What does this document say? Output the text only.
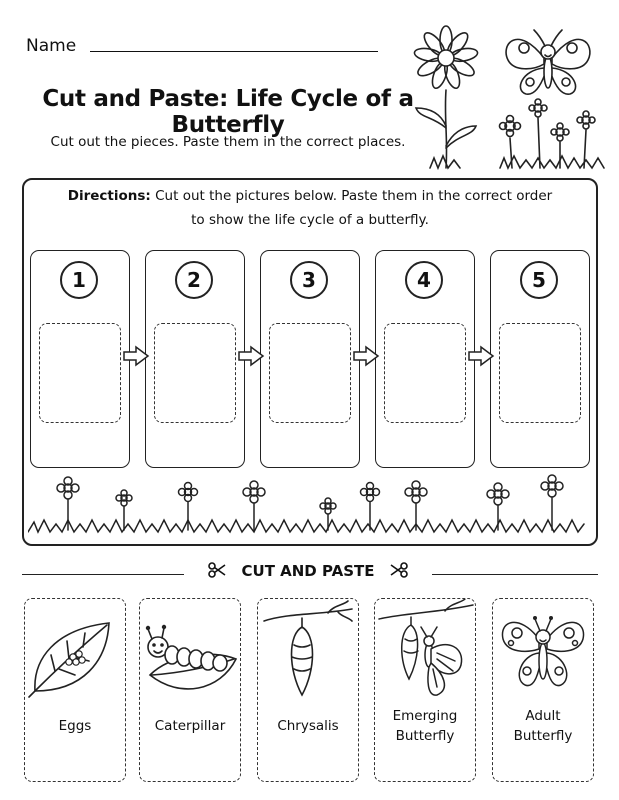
Name
Cut and Paste: Life Cycle of a Butterfly
Cut out the pieces. Paste them in the correct places.
Directions: Cut out the pictures below. Paste them in the correct order
to show the life cycle of a butterfly.
1	2	3	4	5
CUT AND PASTE
Eggs	Caterpillar	Chrysalis
Emerging
Butterfly
Adult
Butterfly
